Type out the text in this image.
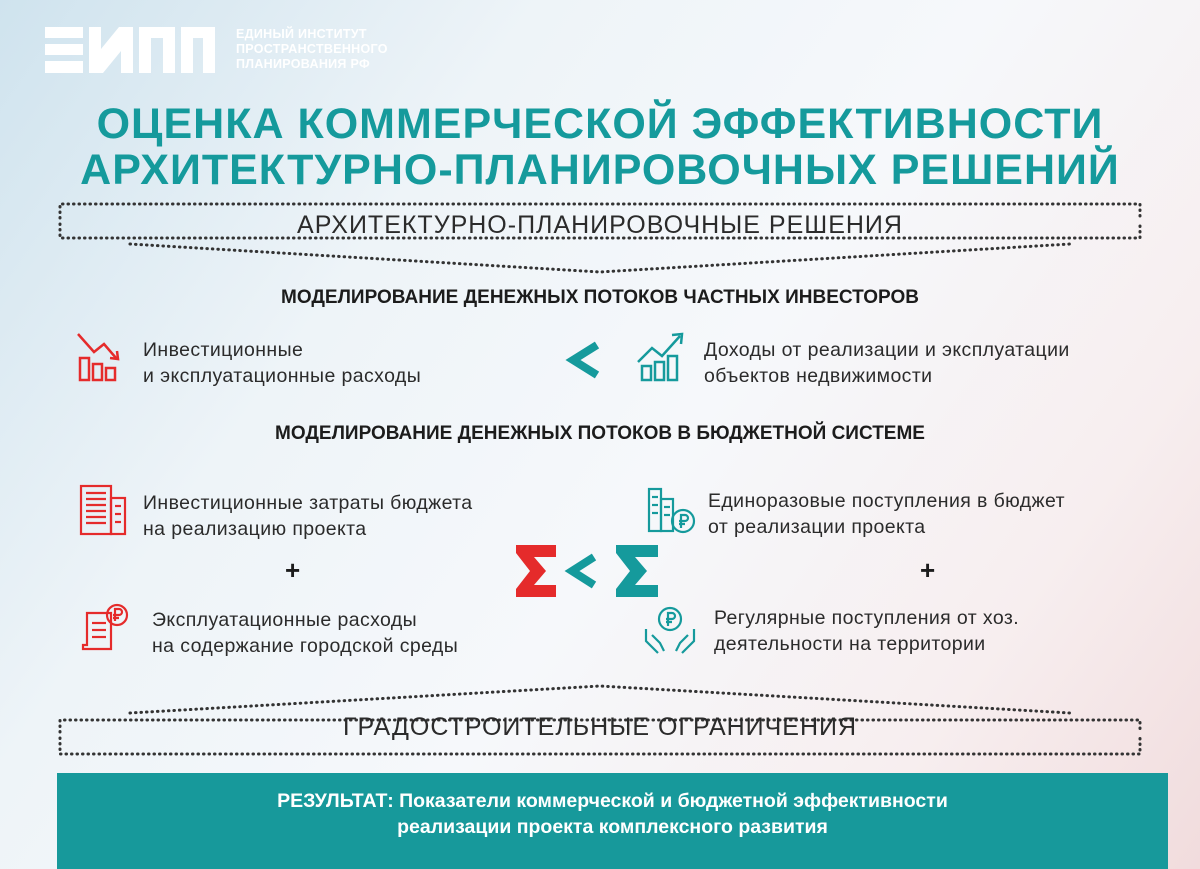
ЕДИНЫЙ ИНСТИТУТ
ПРОСТРАНСТВЕННОГО
ПЛАНИРОВАНИЯ РФ
ОЦЕНКА КОММЕРЧЕСКОЙ ЭФФЕКТИВНОСТИ
АРХИТЕКТУРНО-ПЛАНИРОВОЧНЫХ РЕШЕНИЙ
АРХИТЕКТУРНО-ПЛАНИРОВОЧНЫЕ РЕШЕНИЯ
МОДЕЛИРОВАНИЕ ДЕНЕЖНЫХ ПОТОКОВ ЧАСТНЫХ ИНВЕСТОРОВ
Инвестиционные
и эксплуатационные расходы
Доходы от реализации и эксплуатации
объектов недвижимости
МОДЕЛИРОВАНИЕ ДЕНЕЖНЫХ ПОТОКОВ В БЮДЖЕТНОЙ СИСТЕМЕ
Инвестиционные затраты бюджета
на реализацию проекта
+
Эксплуатационные расходы
на содержание городской среды
Единоразовые поступления в бюджет
от реализации проекта
+
Регулярные поступления от хоз.
деятельности на территории
ГРАДОСТРОИТЕЛЬНЫЕ ОГРАНИЧЕНИЯ
РЕЗУЛЬТАТ: Показатели коммерческой и бюджетной эффективности
реализации проекта комплексного развития
